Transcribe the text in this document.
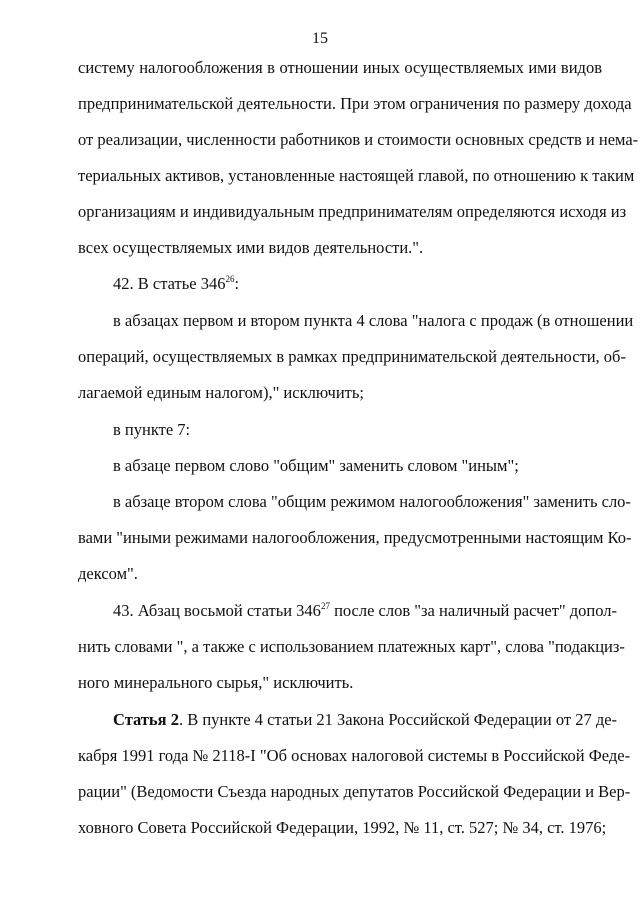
15
систему налогообложения в отношении иных осуществляемых ими видов
предпринимательской деятельности. При этом ограничения по размеру дохода
от реализации, численности работников и стоимости основных средств и нема-
териальных активов, установленные настоящей главой, по отношению к таким
организациям и индивидуальным предпринимателям определяются исходя из
всех осуществляемых ими видов деятельности.".
42. В статье $346^{26}$:
в абзацах первом и втором пункта 4 слова "налога с продаж (в отношении
операций, осуществляемых в рамках предпринимательской деятельности, об-
лагаемой единым налогом)," исключить;
в пункте 7:
в абзаце первом слово "общим" заменить словом "иным";
в абзаце втором слова "общим режимом налогообложения" заменить сло-
вами "иными режимами налогообложения, предусмотренными настоящим Ко-
дексом".
43. Абзац восьмой статьи $346^{27}$ после слов "за наличный расчет" допол-
нить словами ", а также с использованием платежных карт", слова "подакциз-
ного минерального сырья," исключить.
Статья 2. В пункте 4 статьи 21 Закона Российской Федерации от 27 де-
кабря 1991 года № 2118-I "Об основах налоговой системы в Российской Феде-
рации" (Ведомости Съезда народных депутатов Российской Федерации и Вер-
ховного Совета Российской Федерации, 1992, № 11, ст. 527; № 34, ст. 1976;
